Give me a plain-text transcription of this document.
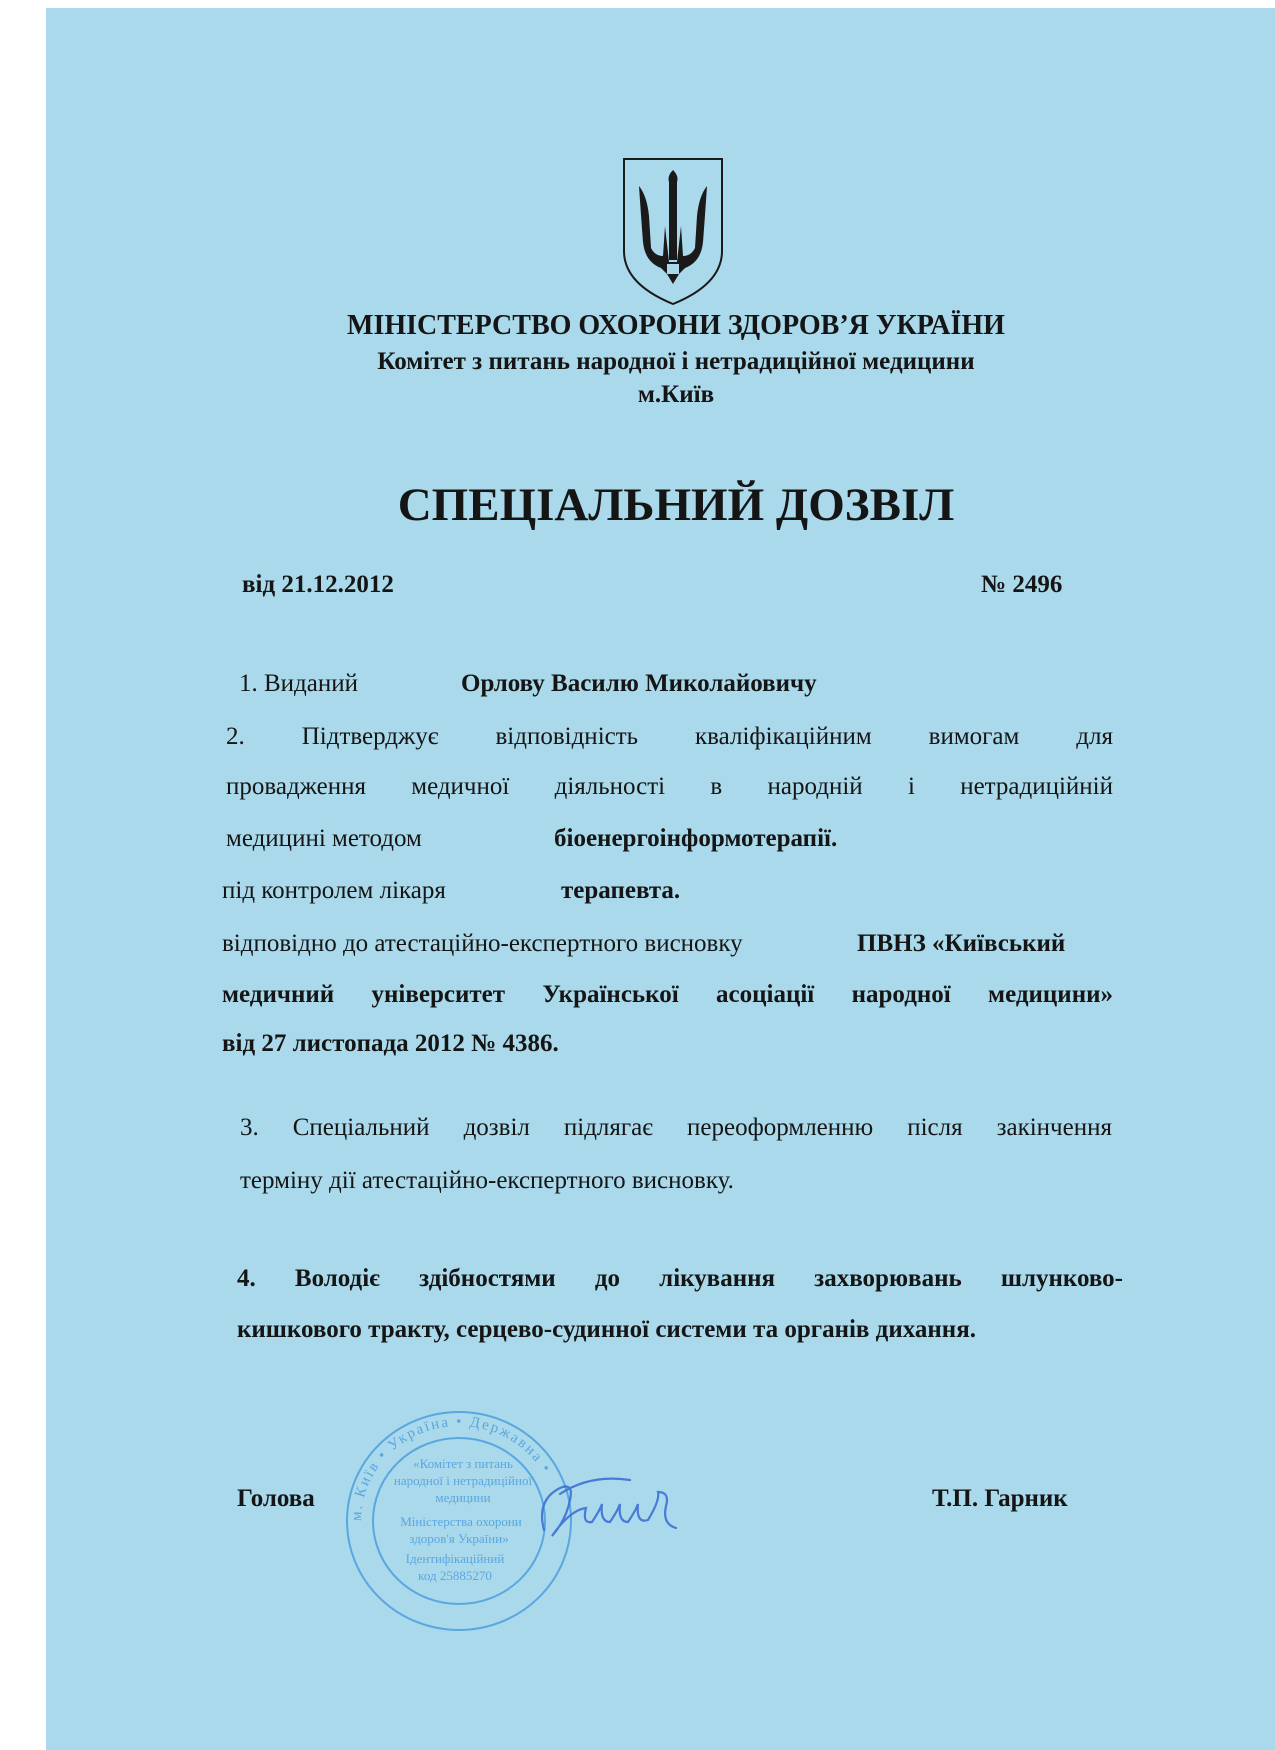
МІНІСТЕРСТВО ОХОРОНИ ЗДОРОВ’Я УКРАЇНИ
Комітет з питань народної і нетрадиційної медицини
м.Київ
СПЕЦІАЛЬНИЙ ДОЗВІЛ
від 21.12.2012	№ 2496
1. Виданий	Орлову Василю Миколайовичу
2. Підтверджує відповідність кваліфікаційним вимогам для
провадження медичної діяльності в народній і нетрадиційній
медицині методом	біоенергоінформотерапії.
під контролем лікаря	терапевта.
відповідно до атестаційно-експертного висновку	ПВНЗ «Київський
медичний університет Української асоціації народної медицини»
від 27 листопада 2012 № 4386.
3. Спеціальний дозвіл підлягає переоформленню після закінчення
терміну дії атестаційно-експертного висновку.
4. Володіє здібностями до лікування захворювань шлунково-
кишкового тракту, серцево-судинної системи та органів дихання.
Голова	Т.П. Гарник
м. Київ • Україна • Державна •
«Комітет з питань
народної і нетрадиційної
медицини
Міністерства охорони
здоров'я України»
Ідентифікаційний
код 25885270
